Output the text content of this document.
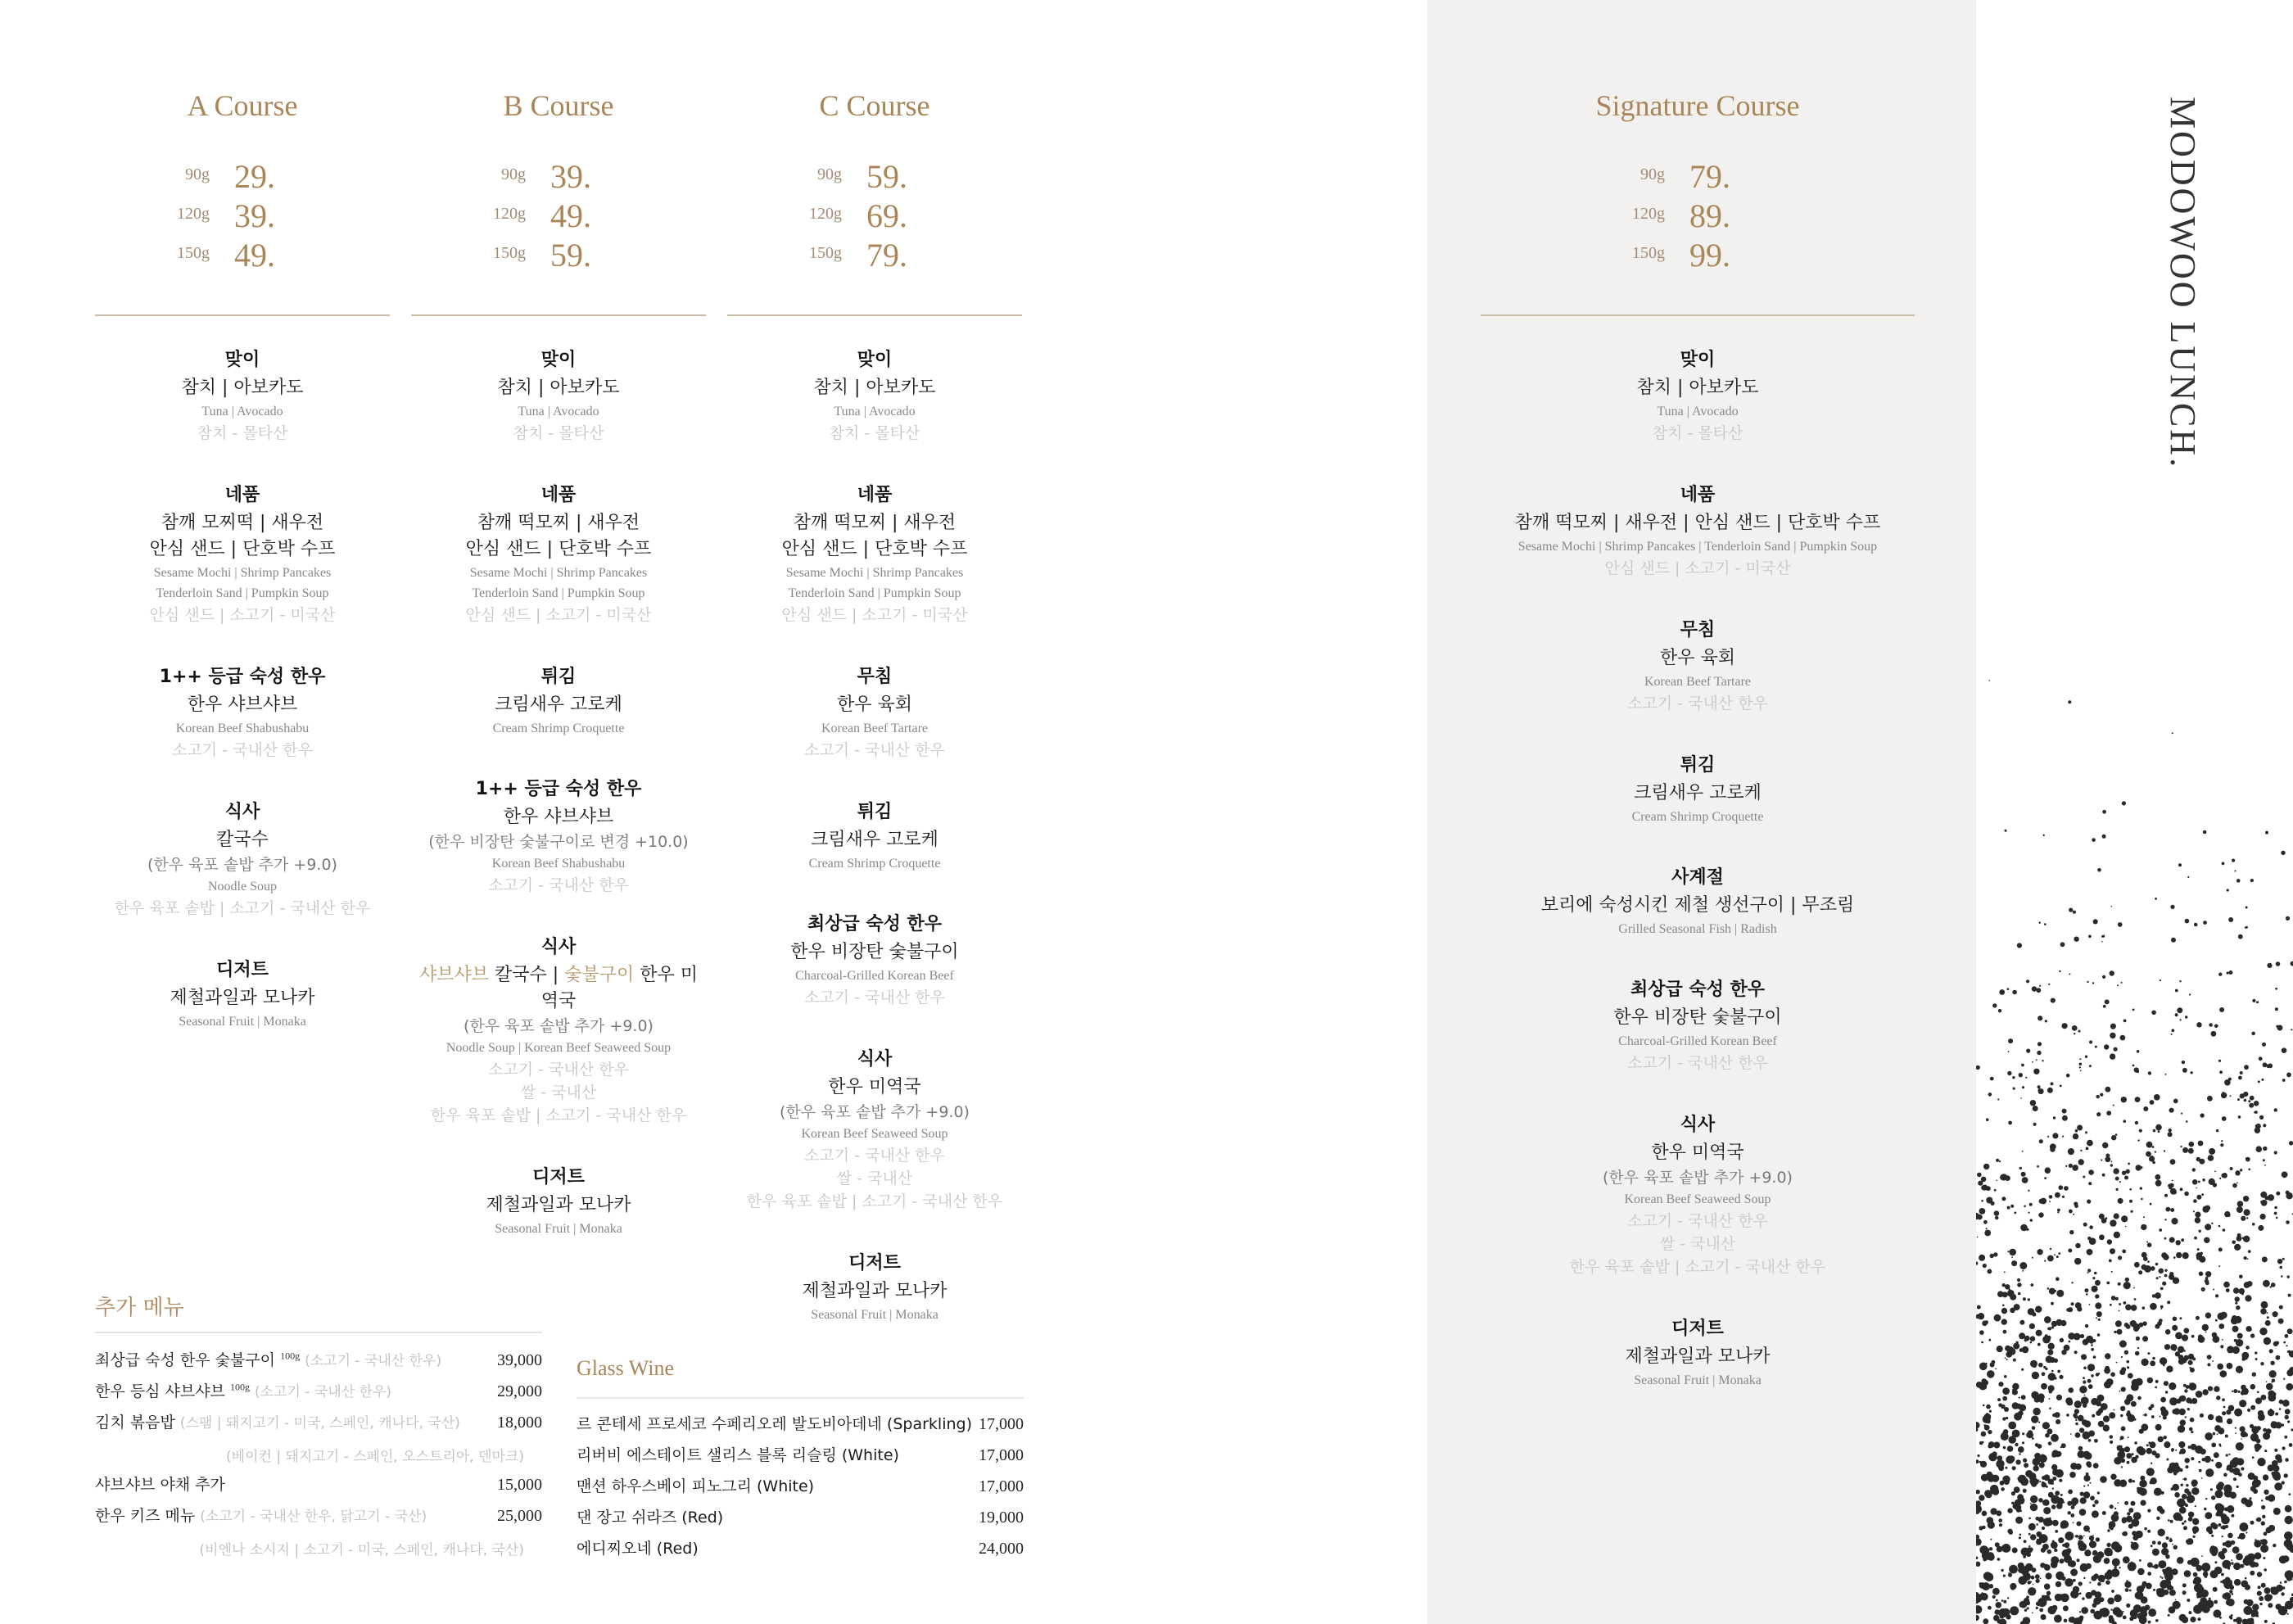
MODOWOO LUNCH.
A Course
90g 29.
120g 39.
150g 49.
맞이
참치 | 아보카도
Tuna | Avocado
참치 - 몰타산
네품
참깨 모찌떡 | 새우전
안심 샌드 | 단호박 수프
Sesame Mochi | Shrimp Pancakes
Tenderloin Sand | Pumpkin Soup
안심 샌드 | 소고기 - 미국산
1++ 등급 숙성 한우
한우 샤브샤브
Korean Beef Shabushabu
소고기 - 국내산 한우
식사
칼국수
(한우 육포 솥밥 추가 +9.0)
Noodle Soup
한우 육포 솥밥 | 소고기 - 국내산 한우
디저트
제철과일과 모나카
Seasonal Fruit | Monaka
B Course
90g 39.
120g 49.
150g 59.
맞이
참치 | 아보카도
Tuna | Avocado
참치 - 몰타산
네품
참깨 떡모찌 | 새우전
안심 샌드 | 단호박 수프
Sesame Mochi | Shrimp Pancakes
Tenderloin Sand | Pumpkin Soup
안심 샌드 | 소고기 - 미국산
튀김
크림새우 고로케
Cream Shrimp Croquette
1++ 등급 숙성 한우
한우 샤브샤브
(한우 비장탄 숯불구이로 변경 +10.0)
Korean Beef Shabushabu
소고기 - 국내산 한우
식사
샤브샤브 칼국수 | 숯불구이 한우 미역국
(한우 육포 솥밥 추가 +9.0)
Noodle Soup | Korean Beef Seaweed Soup
소고기 - 국내산 한우
쌀 - 국내산
한우 육포 솥밥 | 소고기 - 국내산 한우
디저트
제철과일과 모나카
Seasonal Fruit | Monaka
C Course
90g 59.
120g 69.
150g 79.
맞이
참치 | 아보카도
Tuna | Avocado
참치 - 몰타산
네품
참깨 떡모찌 | 새우전
안심 샌드 | 단호박 수프
Sesame Mochi | Shrimp Pancakes
Tenderloin Sand | Pumpkin Soup
안심 샌드 | 소고기 - 미국산
무침
한우 육회
Korean Beef Tartare
소고기 - 국내산 한우
튀김
크림새우 고로케
Cream Shrimp Croquette
최상급 숙성 한우
한우 비장탄 숯불구이
Charcoal-Grilled Korean Beef
소고기 - 국내산 한우
식사
한우 미역국
(한우 육포 솥밥 추가 +9.0)
Korean Beef Seaweed Soup
소고기 - 국내산 한우
쌀 - 국내산
한우 육포 솥밥 | 소고기 - 국내산 한우
디저트
제철과일과 모나카
Seasonal Fruit | Monaka
Signature Course
90g 79.
120g 89.
150g 99.
맞이
참치 | 아보카도
Tuna | Avocado
참치 - 몰타산
네품
참깨 떡모찌 | 새우전 | 안심 샌드 | 단호박 수프
Sesame Mochi | Shrimp Pancakes | Tenderloin Sand | Pumpkin Soup
안심 샌드 | 소고기 - 미국산
무침
한우 육회
Korean Beef Tartare
소고기 - 국내산 한우
튀김
크림새우 고로케
Cream Shrimp Croquette
사계절
보리에 숙성시킨 제철 생선구이 | 무조림
Grilled Seasonal Fish | Radish
최상급 숙성 한우
한우 비장탄 숯불구이
Charcoal-Grilled Korean Beef
소고기 - 국내산 한우
식사
한우 미역국
(한우 육포 솥밥 추가 +9.0)
Korean Beef Seaweed Soup
소고기 - 국내산 한우
쌀 - 국내산
한우 육포 솥밥 | 소고기 - 국내산 한우
디저트
제철과일과 모나카
Seasonal Fruit | Monaka
추가 메뉴
최상급 숙성 한우 숯불구이 $^{100g}$ (소고기 - 국내산 한우)	39,000
한우 등심 샤브샤브 $^{100g}$ (소고기 - 국내산 한우)	29,000
김치 볶음밥 (스팸 | 돼지고기 - 미국, 스페인, 캐나다, 국산) 18,000
(베이컨 | 돼지고기 - 스페인, 오스트리아, 덴마크)
샤브샤브 야채 추가	15,000
한우 키즈 메뉴 (소고기 - 국내산 한우, 닭고기 - 국산)	25,000
(비엔나 소시지 | 소고기 - 미국, 스페인, 캐나다, 국산)
Glass Wine
르 콘테세 프로세코 수페리오레 발도비아데네 (Sparkling) 17,000
리버비 에스테이트 샐리스 블록 리슬링 (White)	17,000
맨션 하우스베이 피노그리 (White)	17,000
댄 장고 쉬라즈 (Red)	19,000
에디찌오네 (Red)	24,000
